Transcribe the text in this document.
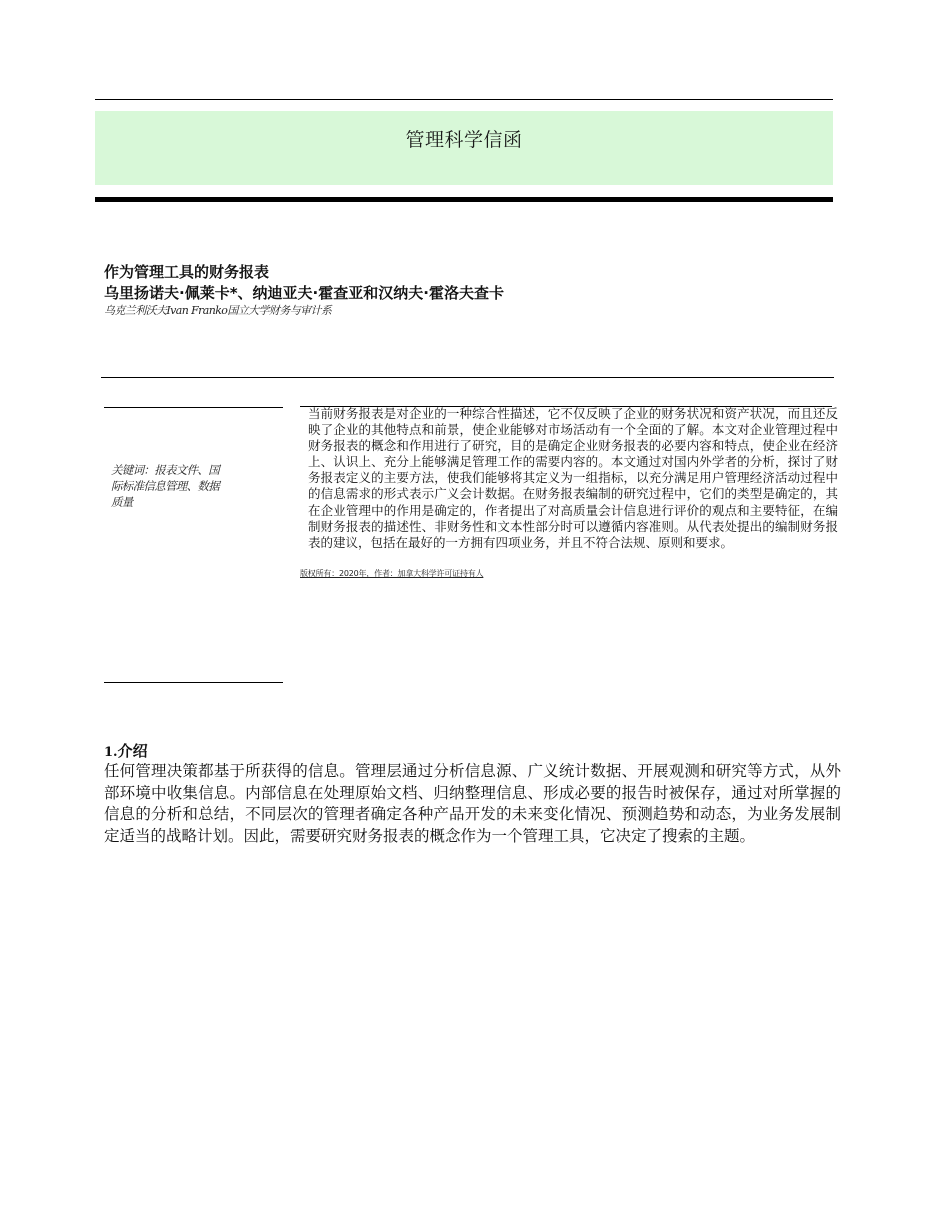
管理科学信函
作为管理工具的财务报表
乌里扬诺夫·佩莱卡*、纳迪亚夫·霍查亚和汉纳夫·霍洛夫查卡
乌克兰利沃夫Ivan Franko国立大学财务与审计系
关键词：报表文件、国际标准信息管理、数据质量
当前财务报表是对企业的一种综合性描述，它不仅反映了企业的财务状况和资产状况，而且还反映了企业的其他特点和前景，使企业能够对市场活动有一个全面的了解。本文对企业管理过程中财务报表的概念和作用进行了研究，目的是确定企业财务报表的必要内容和特点，使企业在经济上、认识上、充分上能够满足管理工作的需要内容的。本文通过对国内外学者的分析，探讨了财务报表定义的主要方法，使我们能够将其定义为一组指标，以充分满足用户管理经济活动过程中的信息需求的形式表示广义会计数据。在财务报表编制的研究过程中，它们的类型是确定的，其在企业管理中的作用是确定的，作者提出了对高质量会计信息进行评价的观点和主要特征，在编制财务报表的描述性、非财务性和文本性部分时可以遵循内容准则。从代表处提出的编制财务报表的建议，包括在最好的一方拥有四项业务，并且不符合法规、原则和要求。
版权所有：2020年，作者：加拿大科学许可证持有人
1.介绍
任何管理决策都基于所获得的信息。管理层通过分析信息源、广义统计数据、开展观测和研究等方式，从外部环境中收集信息。内部信息在处理原始文档、归纳整理信息、形成必要的报告时被保存，通过对所掌握的信息的分析和总结，不同层次的管理者确定各种产品开发的未来变化情况、预测趋势和动态，为业务发展制定适当的战略计划。因此，需要研究财务报表的概念作为一个管理工具，它决定了搜索的主题。
